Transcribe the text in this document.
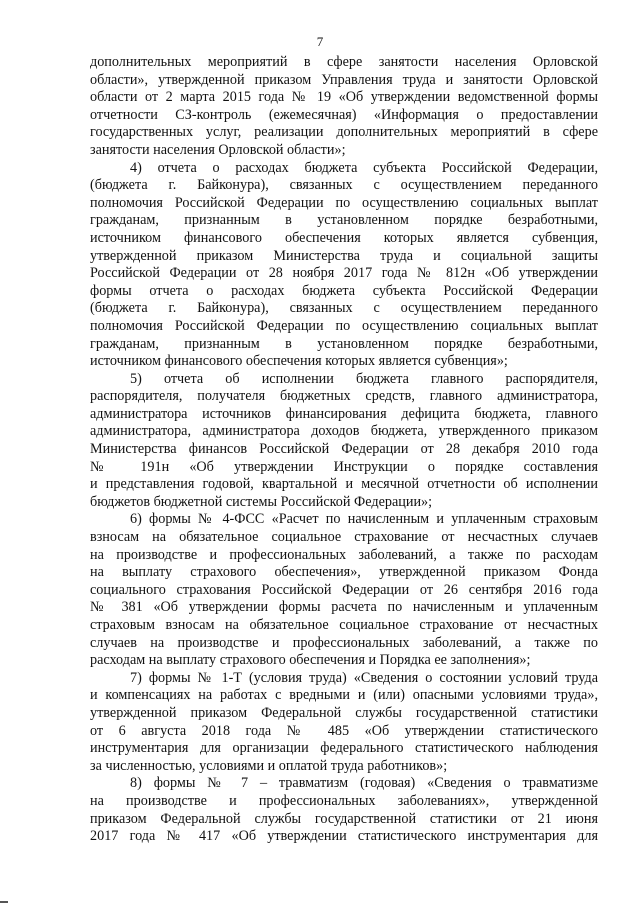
7
дополнительных мероприятий в сфере занятости населения Орловской
области», утвержденной приказом Управления труда и занятости Орловской
области от 2 марта 2015 года № 19 «Об утверждении ведомственной формы
отчетности СЗ-контроль (ежемесячная) «Информация о предоставлении
государственных услуг, реализации дополнительных мероприятий в сфере
занятости населения Орловской области»;
4) отчета о расходах бюджета субъекта Российской Федерации,
(бюджета г. Байконура), связанных с осуществлением переданного
полномочия Российской Федерации по осуществлению социальных выплат
гражданам, признанным в установленном порядке безработными,
источником финансового обеспечения которых является субвенция,
утвержденной приказом Министерства труда и социальной защиты
Российской Федерации от 28 ноября 2017 года № 812н «Об утверждении
формы отчета о расходах бюджета субъекта Российской Федерации
(бюджета г. Байконура), связанных с осуществлением переданного
полномочия Российской Федерации по осуществлению социальных выплат
гражданам, признанным в установленном порядке безработными,
источником финансового обеспечения которых является субвенция»;
5) отчета об исполнении бюджета главного распорядителя,
распорядителя, получателя бюджетных средств, главного администратора,
администратора источников финансирования дефицита бюджета, главного
администратора, администратора доходов бюджета, утвержденного приказом
Министерства финансов Российской Федерации от 28 декабря 2010 года
№ 191н «Об утверждении Инструкции о порядке составления
и представления годовой, квартальной и месячной отчетности об исполнении
бюджетов бюджетной системы Российской Федерации»;
6) формы № 4-ФСС «Расчет по начисленным и уплаченным страховым
взносам на обязательное социальное страхование от несчастных случаев
на производстве и профессиональных заболеваний, а также по расходам
на выплату страхового обеспечения», утвержденной приказом Фонда
социального страхования Российской Федерации от 26 сентября 2016 года
№ 381 «Об утверждении формы расчета по начисленным и уплаченным
страховым взносам на обязательное социальное страхование от несчастных
случаев на производстве и профессиональных заболеваний, а также по
расходам на выплату страхового обеспечения и Порядка ее заполнения»;
7) формы № 1-Т (условия труда) «Сведения о состоянии условий труда
и компенсациях на работах с вредными и (или) опасными условиями труда»,
утвержденной приказом Федеральной службы государственной статистики
от 6 августа 2018 года № 485 «Об утверждении статистического
инструментария для организации федерального статистического наблюдения
за численностью, условиями и оплатой труда работников»;
8) формы № 7 – травматизм (годовая) «Сведения о травматизме
на производстве и профессиональных заболеваниях», утвержденной
приказом Федеральной службы государственной статистики от 21 июня
2017 года № 417 «Об утверждении статистического инструментария для
